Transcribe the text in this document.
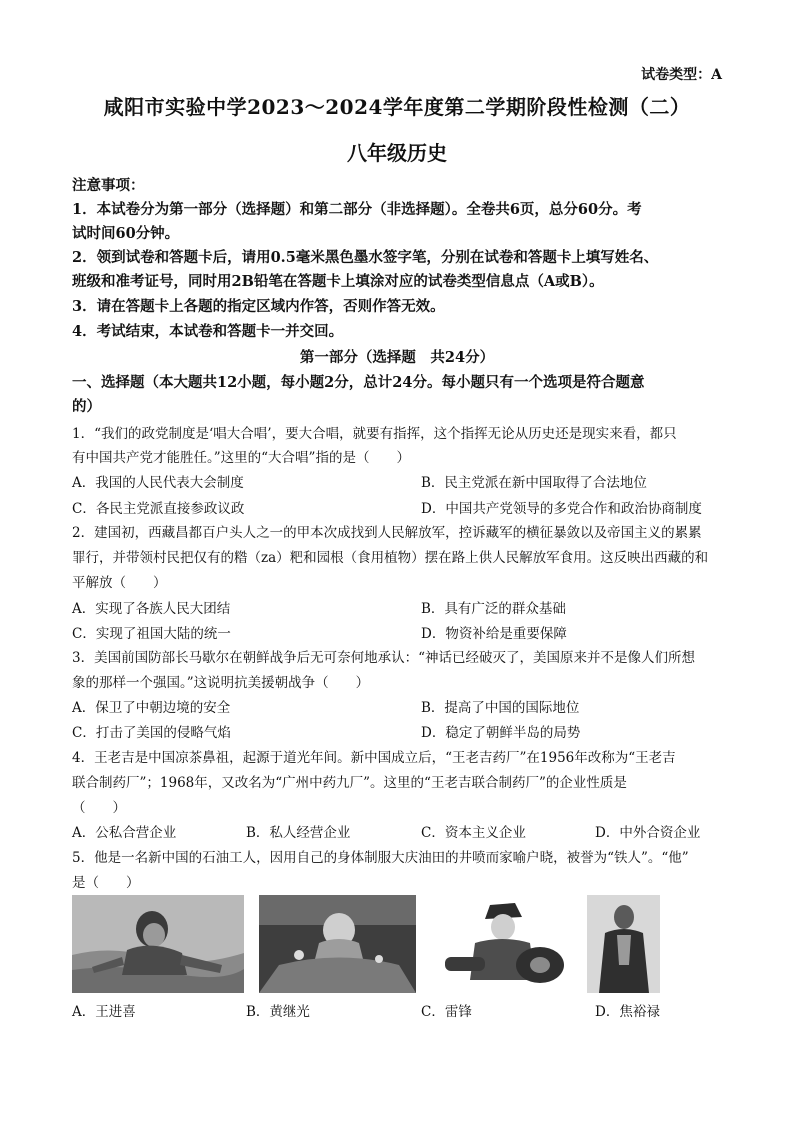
试卷类型：A
咸阳市实验中学2023～2024学年度第二学期阶段性检测（二）
八年级历史
注意事项：
1．本试卷分为第一部分（选择题）和第二部分（非选择题）。全卷共6页，总分60分。考
试时间60分钟。
2．领到试卷和答题卡后，请用0.5毫米黑色墨水签字笔，分别在试卷和答题卡上填写姓名、
班级和准考证号，同时用2B铅笔在答题卡上填涂对应的试卷类型信息点（A或B）。
3．请在答题卡上各题的指定区域内作答，否则作答无效。
4．考试结束，本试卷和答题卡一并交回。
第一部分（选择题　共24分）
一、选择题（本大题共12小题，每小题2分，总计24分。每小题只有一个选项是符合题意
的）
1．“我们的政党制度是‘唱大合唱’，要大合唱，就要有指挥，这个指挥无论从历史还是现实来看，都只
有中国共产党才能胜任。”这里的“大合唱”指的是（　　）
A．我国的人民代表大会制度	B．民主党派在新中国取得了合法地位
C．各民主党派直接参政议政	D．中国共产党领导的多党合作和政治协商制度
2．建国初，西藏昌都百户头人之一的甲本次成找到人民解放军，控诉藏军的横征暴敛以及帝国主义的累累
罪行，并带领村民把仅有的糌（za）粑和园根（食用植物）摆在路上供人民解放军食用。这反映出西藏的和
平解放（　　）
A．实现了各族人民大团结	B．具有广泛的群众基础
C．实现了祖国大陆的统一	D．物资补给是重要保障
3．美国前国防部长马歇尔在朝鲜战争后无可奈何地承认：“神话已经破灭了，美国原来并不是像人们所想
象的那样一个强国。”这说明抗美援朝战争（　　）
A．保卫了中朝边境的安全	B．提高了中国的国际地位
C．打击了美国的侵略气焰	D．稳定了朝鲜半岛的局势
4．王老吉是中国凉茶鼻祖，起源于道光年间。新中国成立后，“王老吉药厂”在1956年改称为“王老吉
联合制药厂”；1968年，又改名为“广州中药九厂”。这里的“王老吉联合制药厂”的企业性质是
（　　）
A．公私合营企业	B．私人经营企业	C．资本主义企业	D．中外合资企业
5．他是一名新中国的石油工人，因用自己的身体制服大庆油田的井喷而家喻户晓，被誉为“铁人”。“他”
是（　　）
A．王进喜	B．黄继光	C．雷锋	D．焦裕禄
